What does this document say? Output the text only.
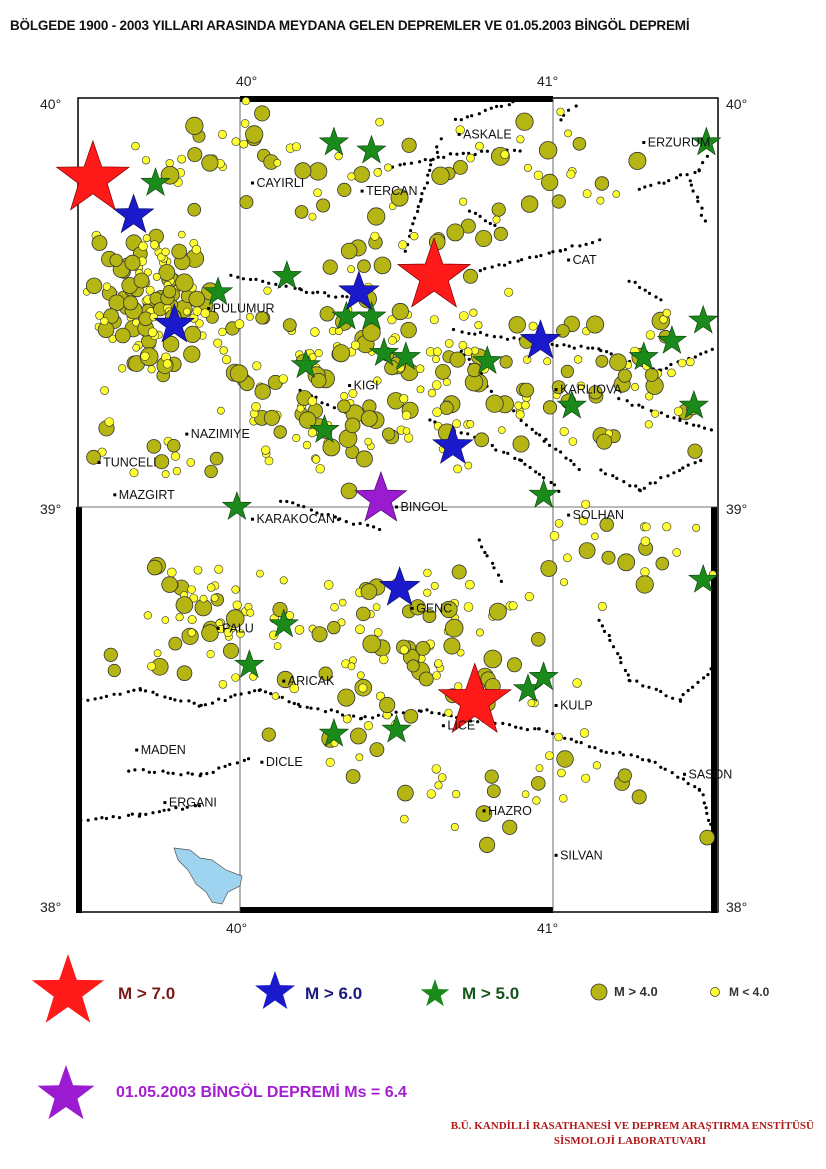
BÖLGEDE 1900 - 2003 YILLARI ARASINDA MEYDANA GELEN DEPREMLER VE 01.05.2003 BİNGÖL DEPREMİ
40°	41°
40°	41°
40°
39°
38°
40°
39°
38°
ASKALE
ERZURUM
CAYIRLI
TERCAN
CAT
PULUMUR
KIGI	KARLIOVA
NAZIMIYE
TUNCELI
MAZGIRT
BINGOL
SOLHAN
KARAKOCAN
GENC
PALU
ARICAK
KULP
MADEN
LICE
SASON
ERGANI
DICLE
HAZRO
SILVAN
M > 7.0	M > 6.0	M > 5.0	M > 4.0	M < 4.0
01.05.2003 BİNGÖL DEPREMİ Ms = 6.4
B.Ü. KANDİLLİ RASATHANESİ VE DEPREM ARAŞTIRMA ENSTİTÜSÜ
SİSMOLOJİ LABORATUVARI
